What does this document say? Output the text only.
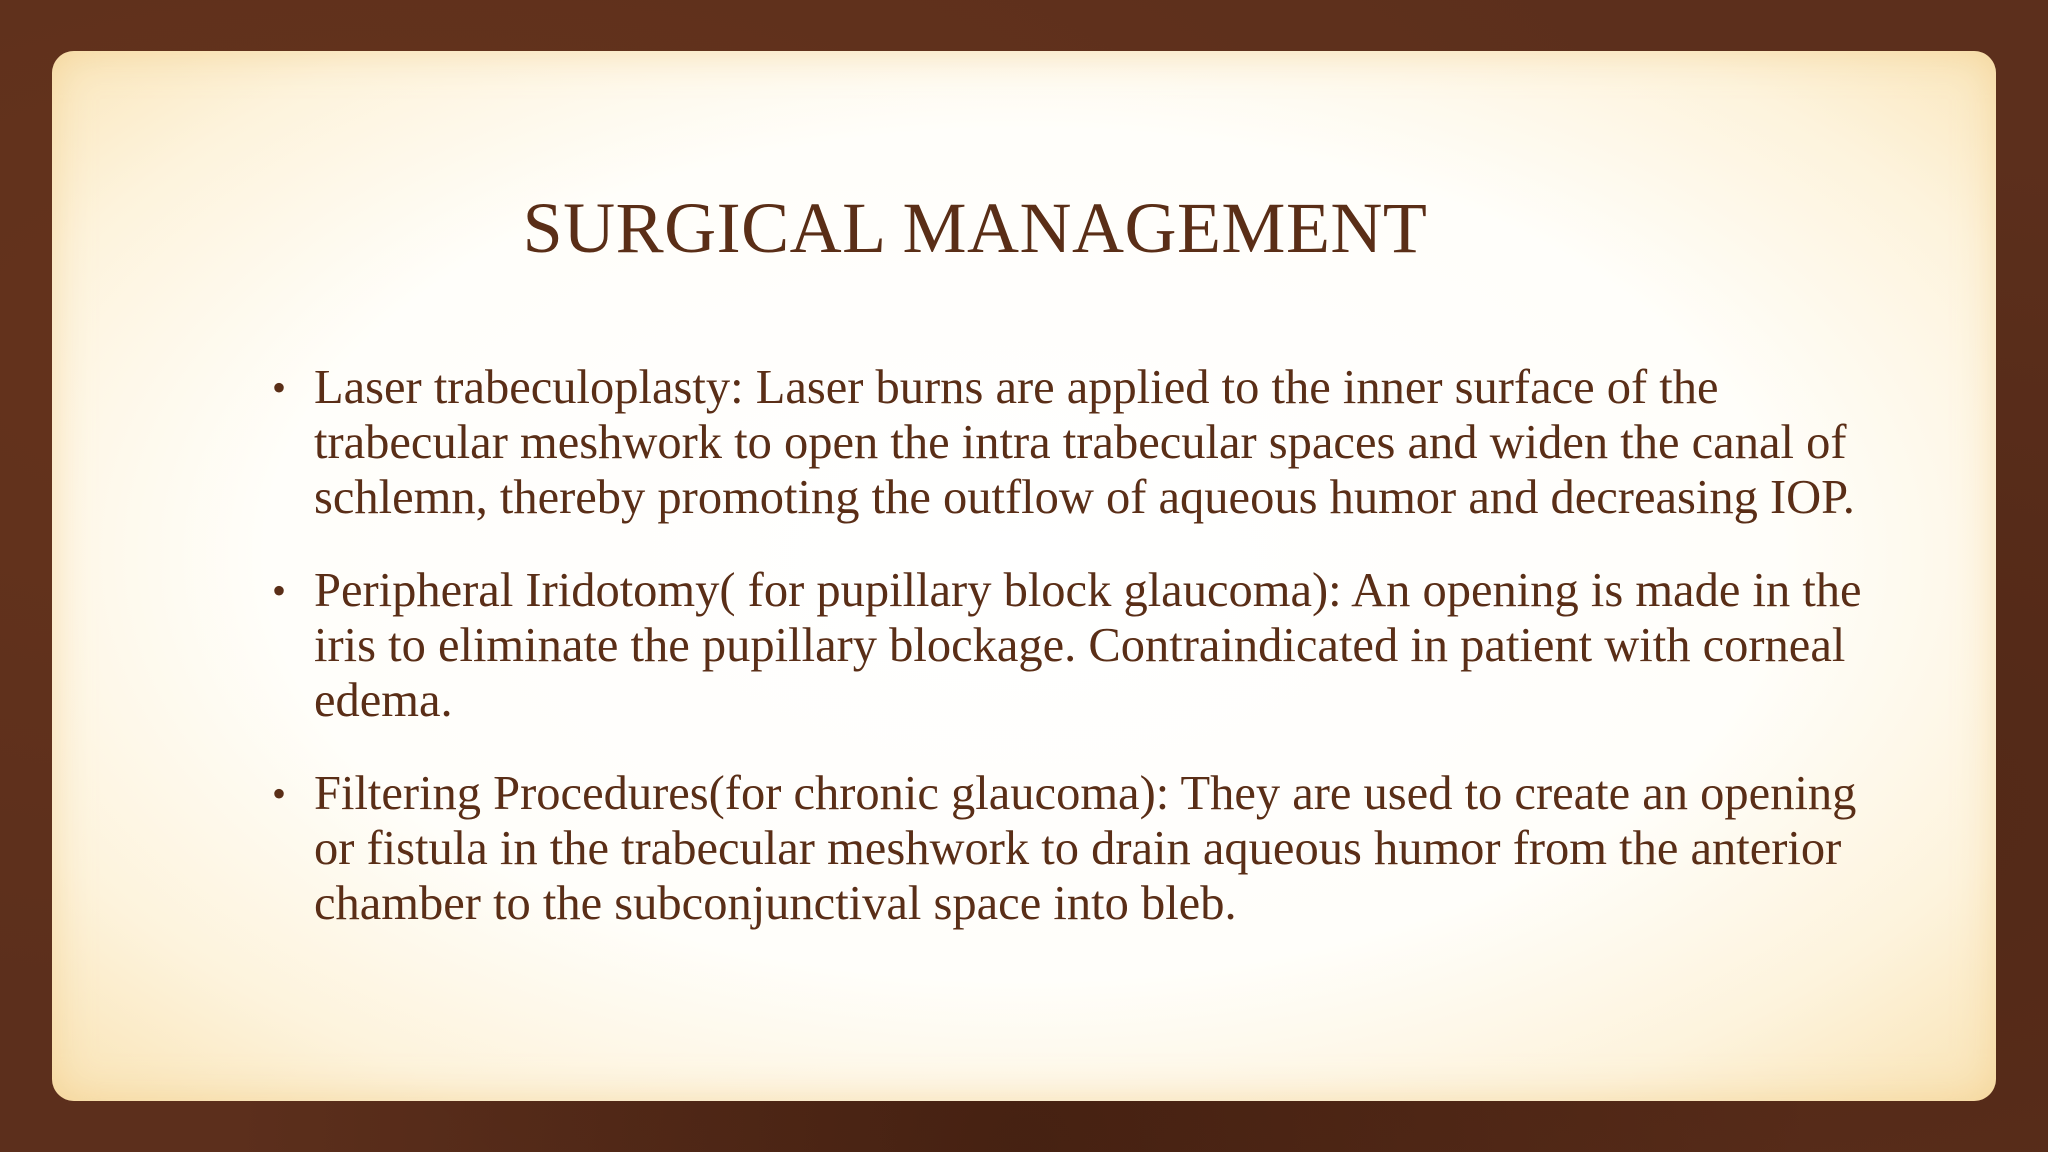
SURGICAL MANAGEMENT
• Laser trabeculoplasty: Laser burns are applied to the inner surface of the trabecular meshwork to open the intra trabecular spaces and widen the canal of schlemn, thereby promoting the outflow of aqueous humor and decreasing IOP.
• Peripheral Iridotomy( for pupillary block glaucoma): An opening is made in the iris to eliminate the pupillary blockage. Contraindicated in patient with corneal edema.
• Filtering Procedures(for chronic glaucoma): They are used to create an opening or fistula in the trabecular meshwork to drain aqueous humor from the anterior chamber to the subconjunctival space into bleb.
